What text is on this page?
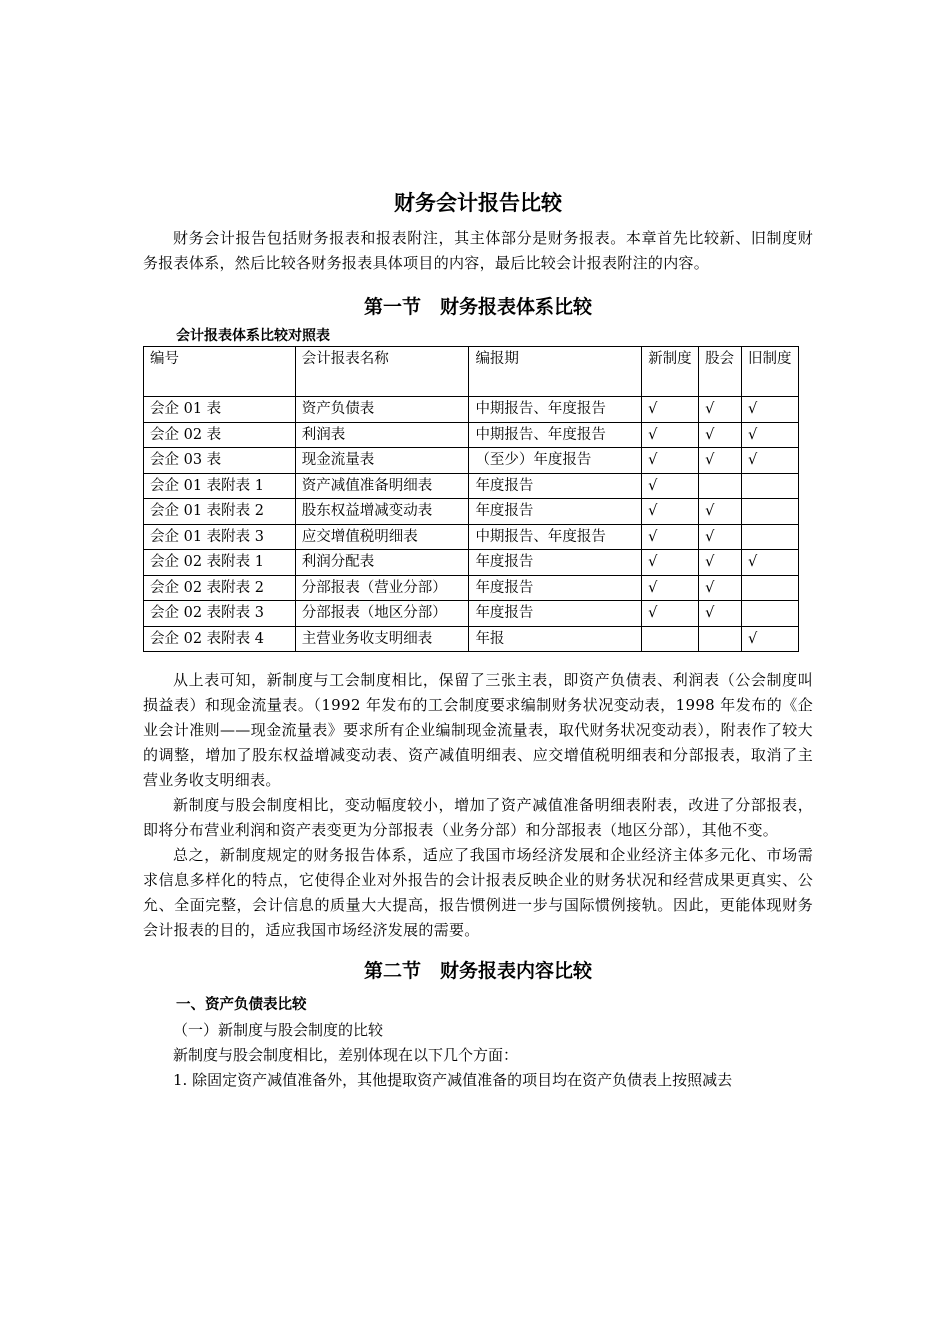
财务会计报告比较

财务会计报告包括财务报表和报表附注，其主体部分是财务报表。本章首先比较新、旧制度财务报表体系，然后比较各财务报表具体项目的内容，最后比较会计报表附注的内容。

第一节　财务报表体系比较
会计报表体系比较对照表
编号	会计报表名称	编报期	新制度	股会	旧制度
会企 01 表	资产负债表	中期报告、年度报告	√	√	√
会企 02 表	利润表	中期报告、年度报告	√	√	√
会企 03 表	现金流量表	（至少）年度报告	√	√	√
会企 01 表附表 1	资产减值准备明细表	年度报告	√		
会企 01 表附表 2	股东权益增减变动表	年度报告	√	√	
会企 01 表附表 3	应交增值税明细表	中期报告、年度报告	√	√	
会企 02 表附表 1	利润分配表	年度报告	√	√	√
会企 02 表附表 2	分部报表（营业分部）	年度报告	√	√	
会企 02 表附表 3	分部报表（地区分部）	年度报告	√	√	
会企 02 表附表 4	主营业务收支明细表	年报			√

从上表可知，新制度与工会制度相比，保留了三张主表，即资产负债表、利润表（公会制度叫损益表）和现金流量表。（1992 年发布的工会制度要求编制财务状况变动表，1998 年发布的《企业会计准则——现金流量表》要求所有企业编制现金流量表，取代财务状况变动表），附表作了较大的调整，增加了股东权益增减变动表、资产减值明细表、应交增值税明细表和分部报表，取消了主营业务收支明细表。

新制度与股会制度相比，变动幅度较小，增加了资产减值准备明细表附表，改进了分部报表，即将分布营业利润和资产表变更为分部报表（业务分部）和分部报表（地区分部），其他不变。

总之，新制度规定的财务报告体系，适应了我国市场经济发展和企业经济主体多元化、市场需求信息多样化的特点，它使得企业对外报告的会计报表反映企业的财务状况和经营成果更真实、公允、全面完整，会计信息的质量大大提高，报告惯例进一步与国际惯例接轨。因此，更能体现财务会计报表的目的，适应我国市场经济发展的需要。

第二节　财务报表内容比较
一、资产负债表比较
（一）新制度与股会制度的比较
新制度与股会制度相比，差别体现在以下几个方面：
1. 除固定资产减值准备外，其他提取资产减值准备的项目均在资产负债表上按照减去
